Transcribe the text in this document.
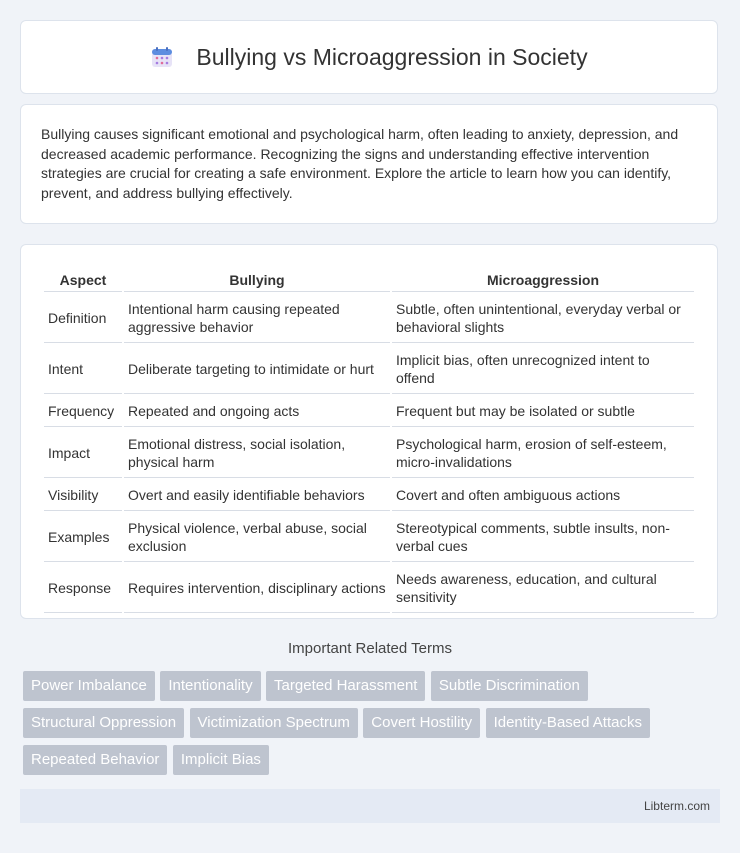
Bullying vs Microaggression in Society

Bullying causes significant emotional and psychological harm, often leading to anxiety, depression, and decreased academic performance. Recognizing the signs and understanding effective intervention strategies are crucial for creating a safe environment. Explore the article to learn how you can identify, prevent, and address bullying effectively.

Aspect	Bullying	Microaggression
Definition	Intentional harm causing repeated aggressive behavior	Subtle, often unintentional, everyday verbal or behavioral slights
Intent	Deliberate targeting to intimidate or hurt	Implicit bias, often unrecognized intent to offend
Frequency	Repeated and ongoing acts	Frequent but may be isolated or subtle
Impact	Emotional distress, social isolation, physical harm	Psychological harm, erosion of self-esteem, micro-invalidations
Visibility	Overt and easily identifiable behaviors	Covert and often ambiguous actions
Examples	Physical violence, verbal abuse, social exclusion	Stereotypical comments, subtle insults, non-verbal cues
Response	Requires intervention, disciplinary actions	Needs awareness, education, and cultural sensitivity
Important Related Terms
Power Imbalance Intentionality Targeted Harassment Subtle Discrimination Structural Oppression Victimization Spectrum Covert Hostility Identity-Based Attacks Repeated Behavior Implicit Bias
Libterm.com
